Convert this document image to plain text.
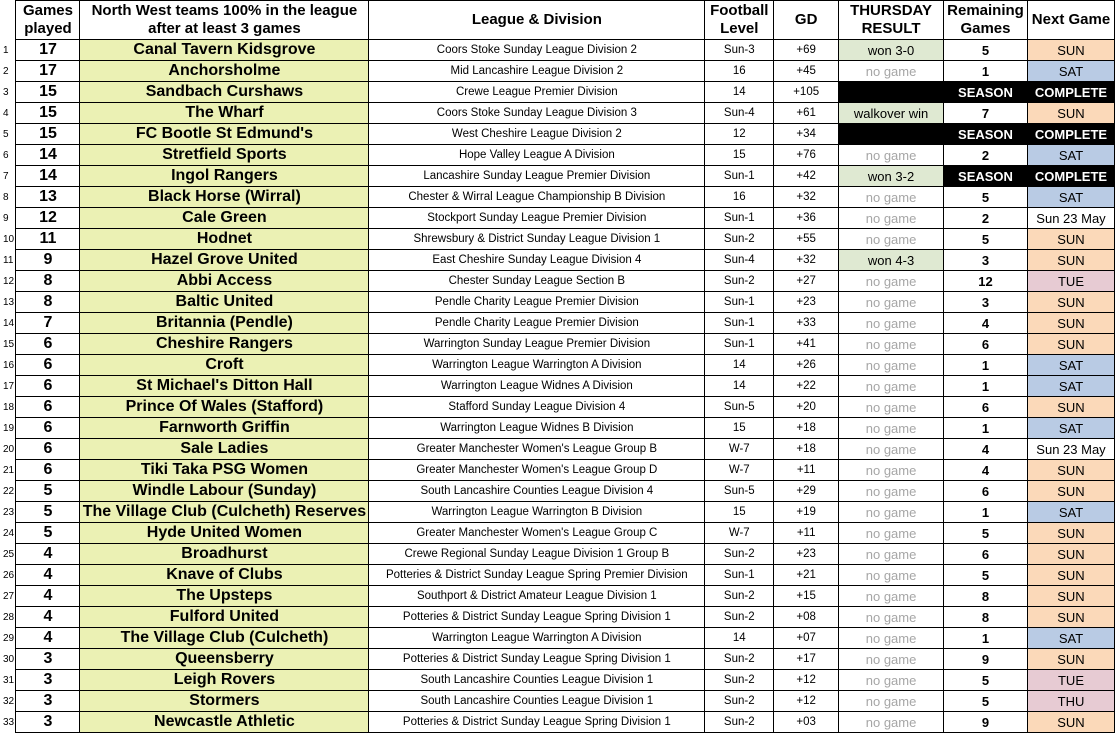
	Games played	North West teams 100% in the league after at least 3 games	League & Division	Football Level	GD	THURSDAY RESULT	Remaining Games	Next Game
1	17	Canal Tavern Kidsgrove	Coors Stoke Sunday League Division 2	Sun-3	+69	won 3-0	5	SUN
2	17	Anchorsholme	Mid Lancashire League Division 2	16	+45	no game	1	SAT
3	15	Sandbach Curshaws	Crewe League Premier Division	14	+105		SEASON	COMPLETE
4	15	The Wharf	Coors Stoke Sunday League Division 3	Sun-4	+61	walkover win	7	SUN
5	15	FC Bootle St Edmund's	West Cheshire League Division 2	12	+34		SEASON	COMPLETE
6	14	Stretfield Sports	Hope Valley League A Division	15	+76	no game	2	SAT
7	14	Ingol Rangers	Lancashire Sunday League Premier Division	Sun-1	+42	won 3-2	SEASON	COMPLETE
8	13	Black Horse (Wirral)	Chester & Wirral League Championship B Division	16	+32	no game	5	SAT
9	12	Cale Green	Stockport Sunday League Premier Division	Sun-1	+36	no game	2	Sun 23 May
10	11	Hodnet	Shrewsbury & District Sunday League Division 1	Sun-2	+55	no game	5	SUN
11	9	Hazel Grove United	East Cheshire Sunday League Division 4	Sun-4	+32	won 4-3	3	SUN
12	8	Abbi Access	Chester Sunday League Section B	Sun-2	+27	no game	12	TUE
13	8	Baltic United	Pendle Charity League Premier Division	Sun-1	+23	no game	3	SUN
14	7	Britannia (Pendle)	Pendle Charity League Premier Division	Sun-1	+33	no game	4	SUN
15	6	Cheshire Rangers	Warrington Sunday League Premier Division	Sun-1	+41	no game	6	SUN
16	6	Croft	Warrington League Warrington A Division	14	+26	no game	1	SAT
17	6	St Michael's Ditton Hall	Warrington League Widnes A Division	14	+22	no game	1	SAT
18	6	Prince Of Wales (Stafford)	Stafford Sunday League Division 4	Sun-5	+20	no game	6	SUN
19	6	Farnworth Griffin	Warrington League Widnes B Division	15	+18	no game	1	SAT
20	6	Sale Ladies	Greater Manchester Women's League Group B	W-7	+18	no game	4	Sun 23 May
21	6	Tiki Taka PSG Women	Greater Manchester Women's League Group D	W-7	+11	no game	4	SUN
22	5	Windle Labour (Sunday)	South Lancashire Counties League Division 4	Sun-5	+29	no game	6	SUN
23	5	The Village Club (Culcheth) Reserves	Warrington League Warrington B Division	15	+19	no game	1	SAT
24	5	Hyde United Women	Greater Manchester Women's League Group C	W-7	+11	no game	5	SUN
25	4	Broadhurst	Crewe Regional Sunday League Division 1 Group B	Sun-2	+23	no game	6	SUN
26	4	Knave of Clubs	Potteries & District Sunday League Spring Premier Division	Sun-1	+21	no game	5	SUN
27	4	The Upsteps	Southport & District Amateur League Division 1	Sun-2	+15	no game	8	SUN
28	4	Fulford United	Potteries & District Sunday League Spring Division 1	Sun-2	+08	no game	8	SUN
29	4	The Village Club (Culcheth)	Warrington League Warrington A Division	14	+07	no game	1	SAT
30	3	Queensberry	Potteries & District Sunday League Spring Division 1	Sun-2	+17	no game	9	SUN
31	3	Leigh Rovers	South Lancashire Counties League Division 1	Sun-2	+12	no game	5	TUE
32	3	Stormers	South Lancashire Counties League Division 1	Sun-2	+12	no game	5	THU
33	3	Newcastle Athletic	Potteries & District Sunday League Spring Division 1	Sun-2	+03	no game	9	SUN
